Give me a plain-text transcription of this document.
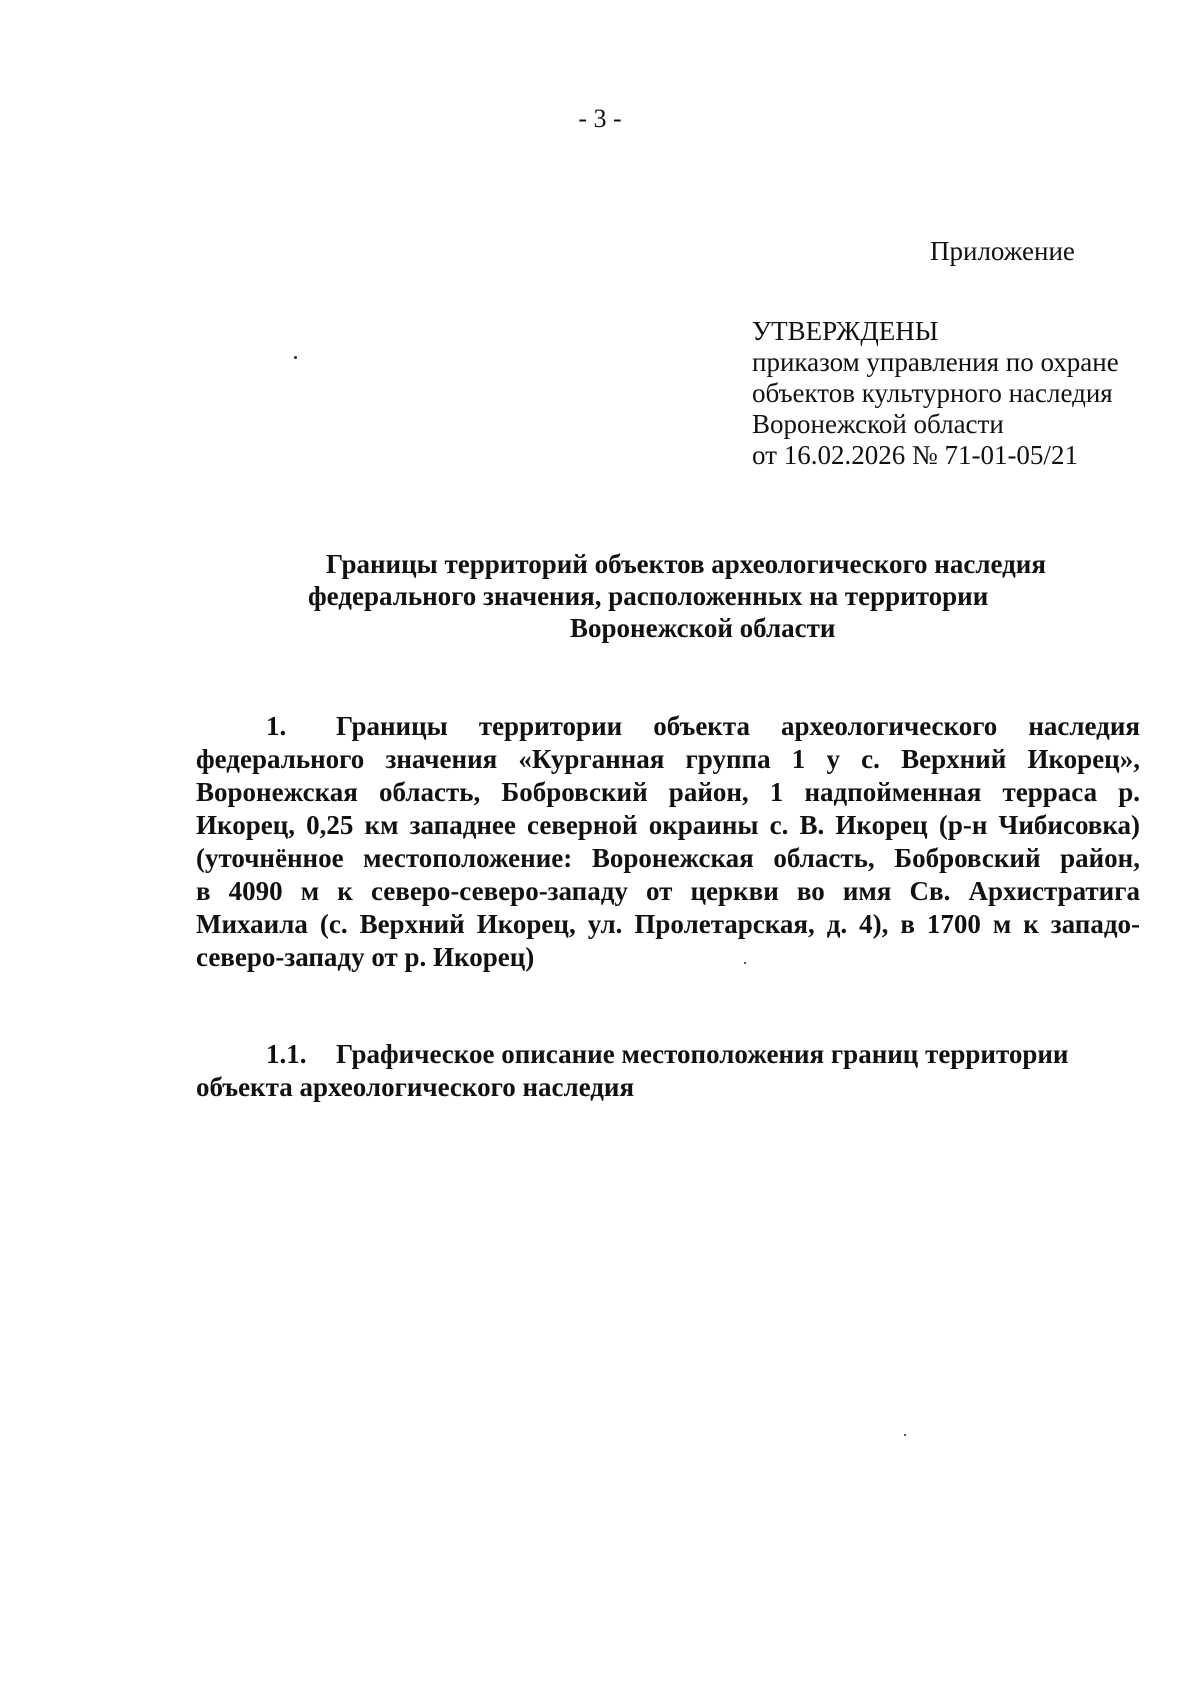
- 3 -
Приложение
УТВЕРЖДЕНЫ
приказом управления по охране
объектов культурного наследия
Воронежской области
от 16.02.2026 № 71-01-05/21
Границы территорий объектов археологического наследия
федерального значения, расположенных на территории
Воронежской области
1. Границы территории объекта археологического наследия
федерального значения «Курганная группа 1 у с. Верхний Икорец»,
Воронежская область, Бобровский район, 1 надпойменная терраса р.
Икорец, 0,25 км западнее северной окраины с. В. Икорец (р-н Чибисовка)
(уточнённое местоположение: Воронежская область, Бобровский район,
в 4090 м к северо-северо-западу от церкви во имя Св. Архистратига
Михаила (с. Верхний Икорец, ул. Пролетарская, д. 4), в 1700 м к западо-
северо-западу от р. Икорец)
1.1. Графическое описание местоположения границ территории
объекта археологического наследия
